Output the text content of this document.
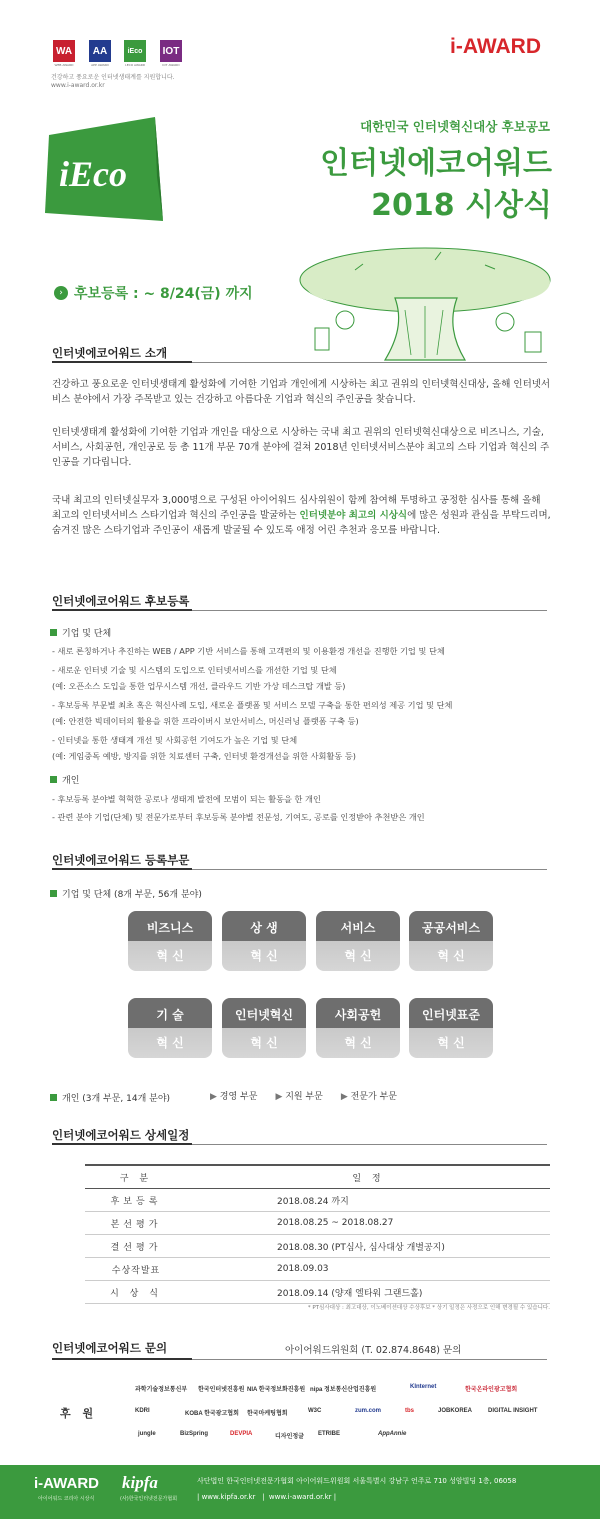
WA AA	iEco IOT
WEB AWARD	APP AWARD	I-ECO AWARD	IOT AWARD
건강하고 풍요로운 인터넷생태계를 지원합니다.
www.i-award.or.kr
i-AWARD
iEco
대한민국 인터넷혁신대상 후보공모
인터넷에코어워드
2018 시상식
› 후보등록 : ~ 8/24(금) 까지
인터넷에코어워드 소개
건강하고 풍요로운 인터넷생태계 활성화에 기여한 기업과 개인에게 시상하는 최고 권위의 인터넷혁신대상, 올해 인터넷서비스 분야에서 가장 주목받고 있는 건강하고 아름다운 기업과 혁신의 주인공을 찾습니다.
인터넷생태계 활성화에 기여한 기업과 개인을 대상으로 시상하는 국내 최고 권위의 인터넷혁신대상으로 비즈니스, 기술, 서비스, 사회공헌, 개인공로 등 총 11개 부문 70개 분야에 걸쳐 2018년 인터넷서비스분야 최고의 스타 기업과 혁신의 주인공을 기다립니다.
국내 최고의 인터넷실무자 3,000명으로 구성된 아이어워드 심사위원이 함께 참여해 투명하고 공정한 심사를 통해 올해 최고의 인터넷서비스 스타기업과 혁신의 주인공을 발굴하는 인터넷분야 최고의 시상식에 많은 성원과 관심을 부탁드리며, 숨겨진 많은 스타기업과 주인공이 새롭게 발굴될 수 있도록 애정 어린 추천과 응모를 바랍니다.
인터넷에코어워드 후보등록
기업 및 단체
- 새로 론칭하거나 추진하는 WEB / APP 기반 서비스를 통해 고객편의 및 이용환경 개선을 진행한 기업 및 단체
- 새로운 인터넷 기술 및 시스템의 도입으로 인터넷서비스를 개선한 기업 및 단체
(예: 오픈소스 도입을 통한 업무시스템 개선, 클라우드 기반 가상 데스크탑 개발 등)
- 후보등록 부문별 최초 혹은 혁신사례 도입, 새로운 플랫폼 및 서비스 모델 구축을 통한 편의성 제공 기업 및 단체
(예: 안전한 빅데이터의 활용을 위한 프라이버시 보안서비스, 머신러닝 플랫폼 구축 등)
- 인터넷을 통한 생태계 개선 및 사회공헌 기여도가 높은 기업 및 단체
(예: 게임중독 예방, 방지를 위한 치료센터 구축, 인터넷 환경개선을 위한 사회활동 등)
개인
- 후보등록 분야별 혁혁한 공로나 생태계 발전에 모범이 되는 활동을 한 개인
- 관련 분야 기업(단체) 및 전문가로부터 후보등록 분야별 전문성, 기여도, 공로를 인정받아 추천받은 개인
인터넷에코어워드 등록부문
기업 및 단체 (8개 부문, 56개 분야)
비즈니스
혁 신
상 생
혁 신
서비스
혁 신
공공서비스
혁 신
기 술
혁 신
인터넷혁신
혁 신
사회공헌
혁 신
인터넷표준
혁 신
개인 (3개 부문, 14개 분야)	▶ 경영 부문 ▶ 지원 부문 ▶ 전문가 부문
인터넷에코어워드 상세일정
구 분	일 정
후보등록	2018.08.24 까지
본선평가	2018.08.25 ~ 2018.08.27
결선평가	2018.08.30 (PT심사, 심사대상 개별공지)
수상작발표	2018.09.03
시 상 식	2018.09.14 (양재 엘타워 그랜드홀)
* PT심사대상 : 최고대상, 이노베이션대상 수상후보 * 상기 일정은 사정으로 인해 변경될 수 있습니다.
인터넷에코어워드 문의	아이어워드위원회 (T. 02.874.8648) 문의
후 원
과학기술정보통신부 한국인터넷진흥원 NIA 한국정보화진흥원 nipa 정보통신산업진흥원	KInternet	한국온라인광고협회
KDRI	KOBA 한국광고협회 한국마케팅협회	W3C	zum.com	tbs	JOBKOREA	DIGITAL INSIGHT
jungle	BizSpring	DEVPIA	디자인정글 ETRIBE	AppAnnie
i-AWARD
아이어워드 코리아 시상식
kipfa
(사)한국인터넷전문가협회
사단법인 한국인터넷전문가협회 아이어워드위원회 서울특별시 강남구 언주로 710 성암빌딩 1층, 06058
| www.kipfa.or.kr   |  www.i-award.or.kr |
